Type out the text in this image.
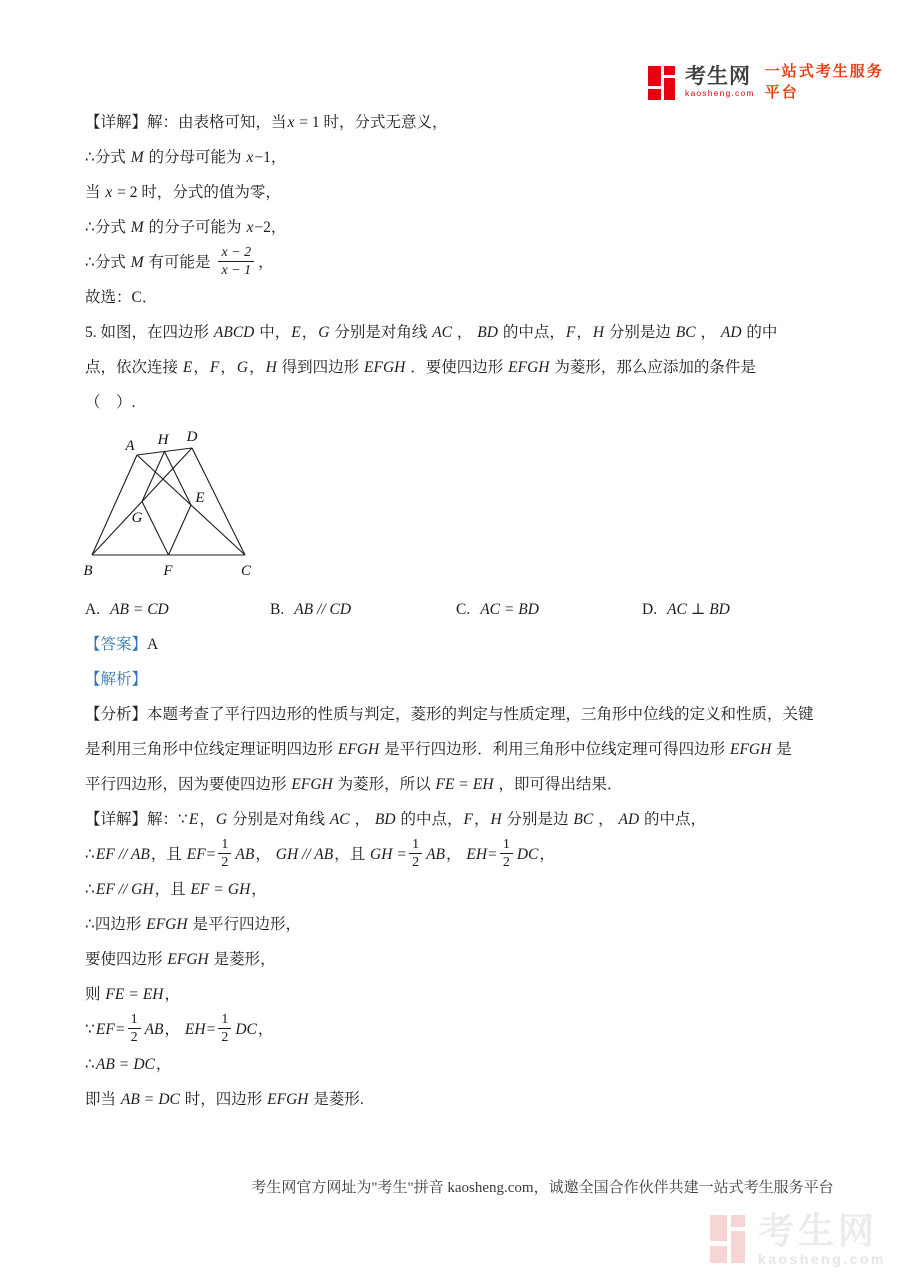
考生网
kaosheng.com
一站式考生服务平台

【详解】解：由表格可知，当x = 1 时，分式无意义，

∴分式 M 的分母可能为 x−1，

当 x = 2 时，分式的值为零，

∴分式 M 的分子可能为 x−2，

∴分式 M 有可能是 $\frac{x - 2}{x - 1}$ ，

故选：C．

5. 如图，在四边形 ABCD 中，E，G 分别是对角线 AC ， BD 的中点，F，H 分别是边 BC ， AD 的中
点，依次连接 E，F，G，H 得到四边形 EFGH ．要使四边形 EFGH 为菱形，那么应添加的条件是

（　）.

A H D
G
E
B	F	C
A. AB = CD	B. AB // CD	C. AC = BD	D. AC ⊥ BD

【答案】A

【解析】

【分析】本题考查了平行四边形的性质与判定，菱形的判定与性质定理，三角形中位线的定义和性质，关键
是利用三角形中位线定理证明四边形 EFGH 是平行四边形．利用三角形中位线定理可得四边形 EFGH 是
平行四边形，因为要使四边形 EFGH 为菱形，所以 FE = EH ，即可得出结果．

【详解】解：∵E，G 分别是对角线 AC ， BD 的中点，F，H 分别是边 BC ， AD 的中点，

∴EF // AB，且 $EF= \frac{1}{2}$ AB， GH // AB，且 GH = $\frac{1}{2}$ AB， $EH= \frac{1}{2}$ DC，

∴EF // GH，且 EF = GH，

∴四边形 EFGH 是平行四边形，

要使四边形 EFGH 是菱形，

则 FE = EH，

∵EF= $\frac{1}{2}$ AB， $EH= \frac{1}{2}$ DC，

∴AB = DC，

即当 AB = DC 时，四边形 EFGH 是菱形.

考生网官方网址为"考生"拼音 kaosheng.com，诚邀全国合作伙伴共建一站式考生服务平台
考生网
kaosheng.com
